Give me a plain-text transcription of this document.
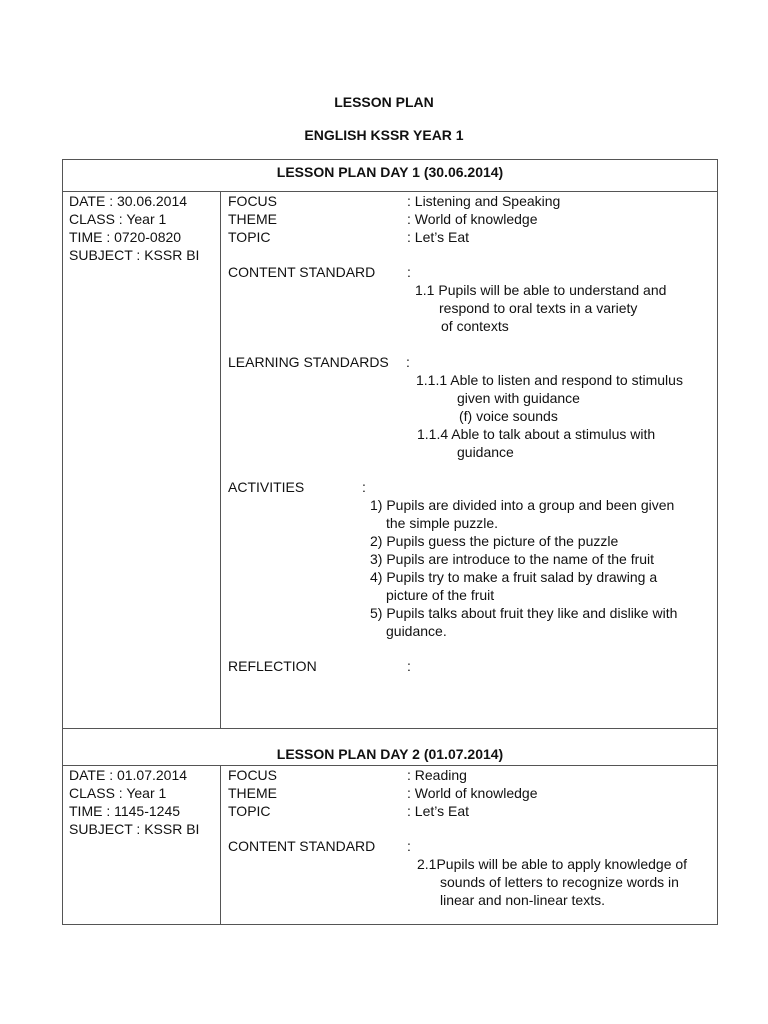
LESSON PLAN
ENGLISH KSSR YEAR 1
LESSON PLAN DAY 1 (30.06.2014)
DATE : 30.06.2014
CLASS : Year 1
TIME : 0720-0820
SUBJECT : KSSR BI
FOCUS	: Listening and Speaking
THEME	: World of knowledge
TOPIC	: Let’s Eat
CONTENT STANDARD :
1.1 Pupils will be able to understand and
respond to oral texts in a variety
of contexts
LEARNING STANDARDS :
1.1.1 Able to listen and respond to stimulus
given with guidance
(f) voice sounds
1.1.4 Able to talk about a stimulus with
guidance
ACTIVITIES	:
1) Pupils are divided into a group and been given
the simple puzzle.
2) Pupils guess the picture of the puzzle
3) Pupils are introduce to the name of the fruit
4) Pupils try to make a fruit salad by drawing a
picture of the fruit
5) Pupils talks about fruit they like and dislike with
guidance.
REFLECTION	:
LESSON PLAN DAY 2 (01.07.2014)
DATE : 01.07.2014
CLASS : Year 1
TIME : 1145-1245
SUBJECT : KSSR BI
FOCUS	: Reading
THEME	: World of knowledge
TOPIC	: Let’s Eat
CONTENT STANDARD :
2.1Pupils will be able to apply knowledge of
sounds of letters to recognize words in
linear and non-linear texts.
